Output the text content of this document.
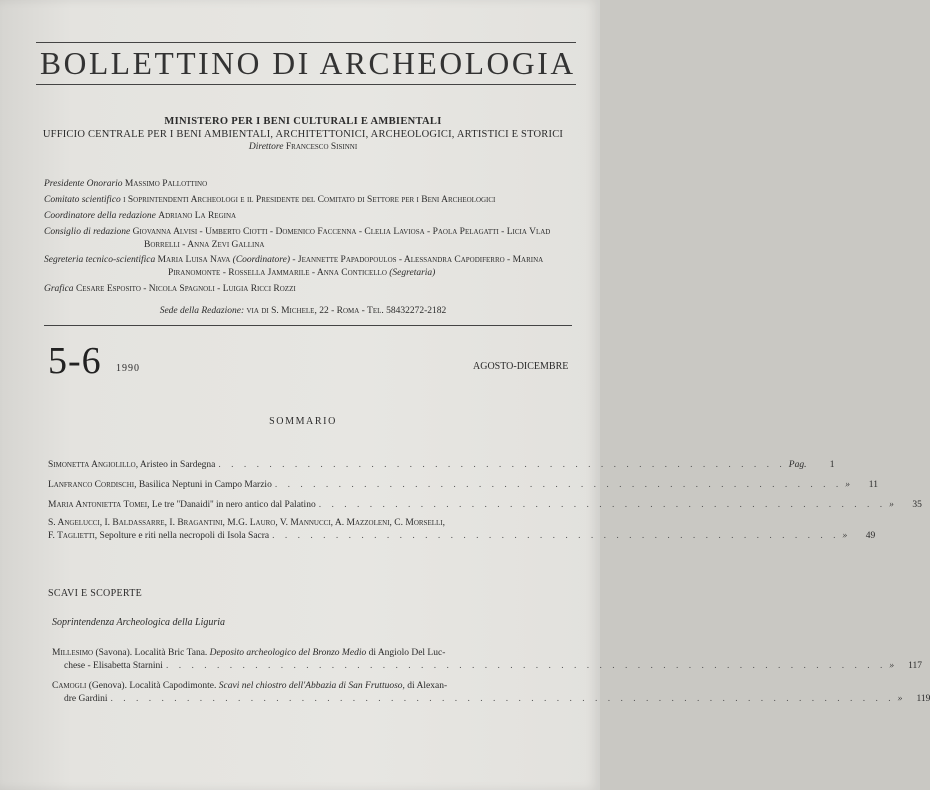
BOLLETTINO DI ARCHEOLOGIA
MINISTERO PER I BENI CULTURALI E AMBIENTALI
UFFICIO CENTRALE PER I BENI AMBIENTALI, ARCHITETTONICI, ARCHEOLOGICI, ARTISTICI E STORICI
Direttore Francesco Sisinni
Presidente Onorario Massimo Pallottino
Comitato scientifico i Soprintendenti Archeologi e il Presidente del Comitato di Settore per i Beni Archeologici
Coordinatore della redazione Adriano La Regina
Consiglio di redazione Giovanna Alvisi - Umberto Ciotti - Domenico Faccenna - Clelia Laviosa - Paola Pelagatti - Licia Vlad
Borrelli - Anna Zevi Gallina
Segreteria tecnico-scientifica Maria Luisa Nava (Coordinatore) - Jeannette Papadopoulos - Alessandra Capodiferro - Marina
Piranomonte - Rossella Jammarile - Anna Conticello (Segretaria)
Grafica Cesare Esposito - Nicola Spagnoli - Luigia Ricci Rozzi
Sede della Redazione: via di S. Michele, 22 - Roma - Tel. 58432272-2182
5-6 1990	AGOSTO-DICEMBRE
SOMMARIO
Simonetta Angiolillo, Aristeo in Sardegna . . . . . . . . . . . . . . . . . . . . . . . . . . . . . . . . . . . . . . . . . . . . . Pag. 1
Lanfranco Cordischi, Basilica Neptuni in Campo Marzio . . . . . . . . . . . . . . . . . . . . . . . . . . . . . . . . . . . . . . . . . . . . . » 11
Maria Antonietta Tomei, Le tre ''Danaidi'' in nero antico dal Palatino . . . . . . . . . . . . . . . . . . . . . . . . . . . . . . . . . . . . . . . . . . . . . » 35
S. Angelucci, I. Baldassarre, I. Bragantini, M.G. Lauro, V. Mannucci, A. Mazzoleni, C. Morselli,
F. Taglietti, Sepolture e riti nella necropoli di Isola Sacra . . . . . . . . . . . . . . . . . . . . . . . . . . . . . . . . . . . . . . . . . . . . . » 49
SCAVI E SCOPERTE
Soprintendenza Archeologica della Liguria
Millesimo (Savona). Località Bric Tana. Deposito archeologico del Bronzo Medio di Angiolo Del Luc-
chese - Elisabetta Starnini . . . . . . . . . . . . . . . . . . . . . . . . . . . . . . . . . . . . . . . . . . . . . . . . . . . . . . . . . » 117
Camogli (Genova). Località Capodimonte. Scavi nel chiostro dell'Abbazia di San Fruttuoso, di Alexan-
dre Gardini . . . . . . . . . . . . . . . . . . . . . . . . . . . . . . . . . . . . . . . . . . . . . . . . . . . . . . . . . . . . . . » 119
